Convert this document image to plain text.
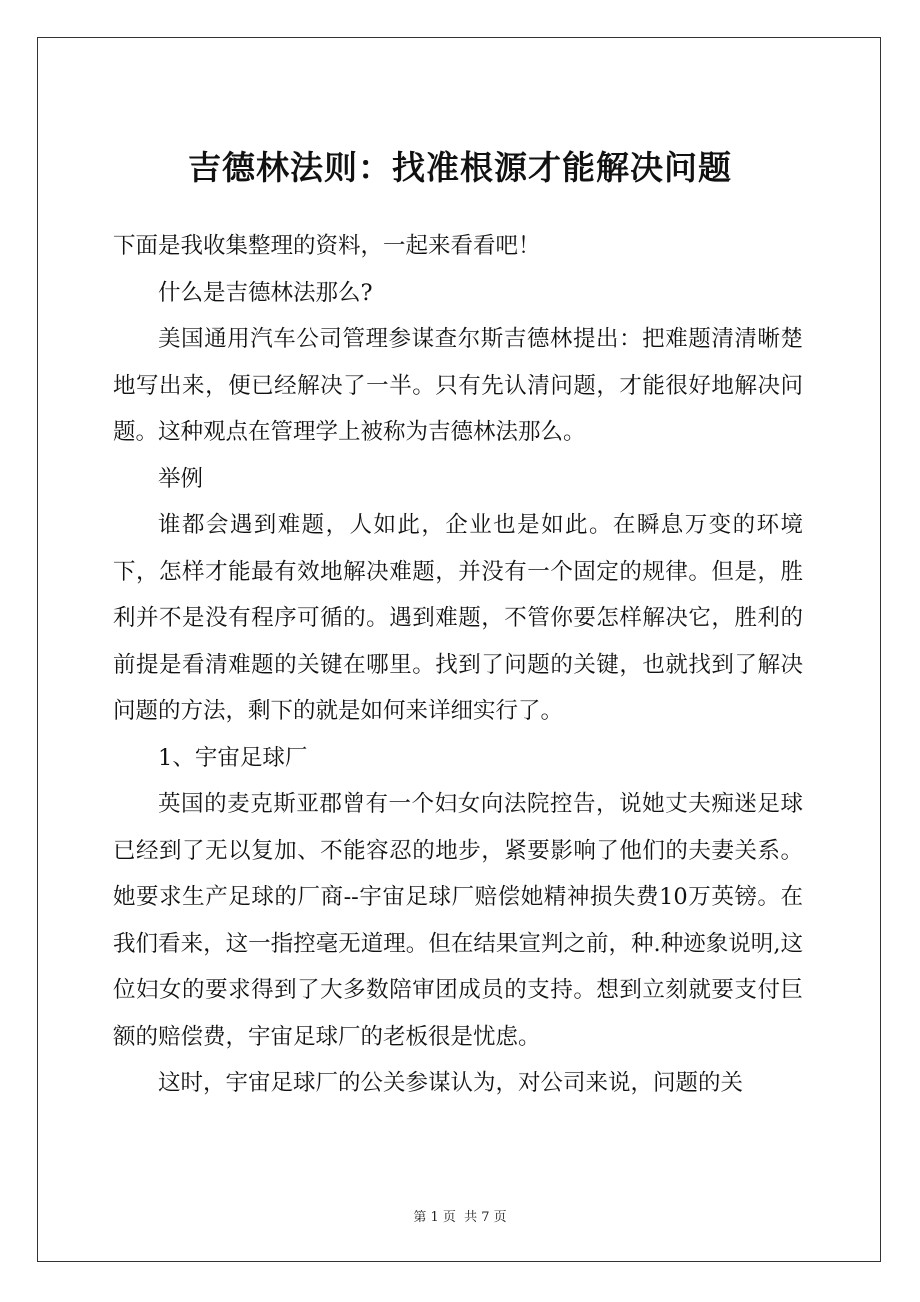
吉德林法则：找准根源才能解决问题

下面是我收集整理的资料，一起来看看吧！

什么是吉德林法那么?

美国通用汽车公司管理参谋查尔斯吉德林提出：把难题清清晰楚地写出来，便已经解决了一半。只有先认清问题，才能很好地解决问题。这种观点在管理学上被称为吉德林法那么。

举例

谁都会遇到难题，人如此，企业也是如此。在瞬息万变的环境下，怎样才能最有效地解决难题，并没有一个固定的规律。但是，胜利并不是没有程序可循的。遇到难题，不管你要怎样解决它，胜利的前提是看清难题的关键在哪里。找到了问题的关键，也就找到了解决问题的方法，剩下的就是如何来详细实行了。

1、宇宙足球厂

英国的麦克斯亚郡曾有一个妇女向法院控告，说她丈夫痴迷足球已经到了无以复加、不能容忍的地步，紧要影响了他们的夫妻关系。她要求生产足球的厂商--宇宙足球厂赔偿她精神损失费10万英镑。在我们看来，这一指控毫无道理。但在结果宣判之前，种.种迹象说明,这位妇女的要求得到了大多数陪审团成员的支持。想到立刻就要支付巨额的赔偿费，宇宙足球厂的老板很是忧虑。

这时，宇宙足球厂的公关参谋认为，对公司来说，问题的关

第 1 页 共 7 页
